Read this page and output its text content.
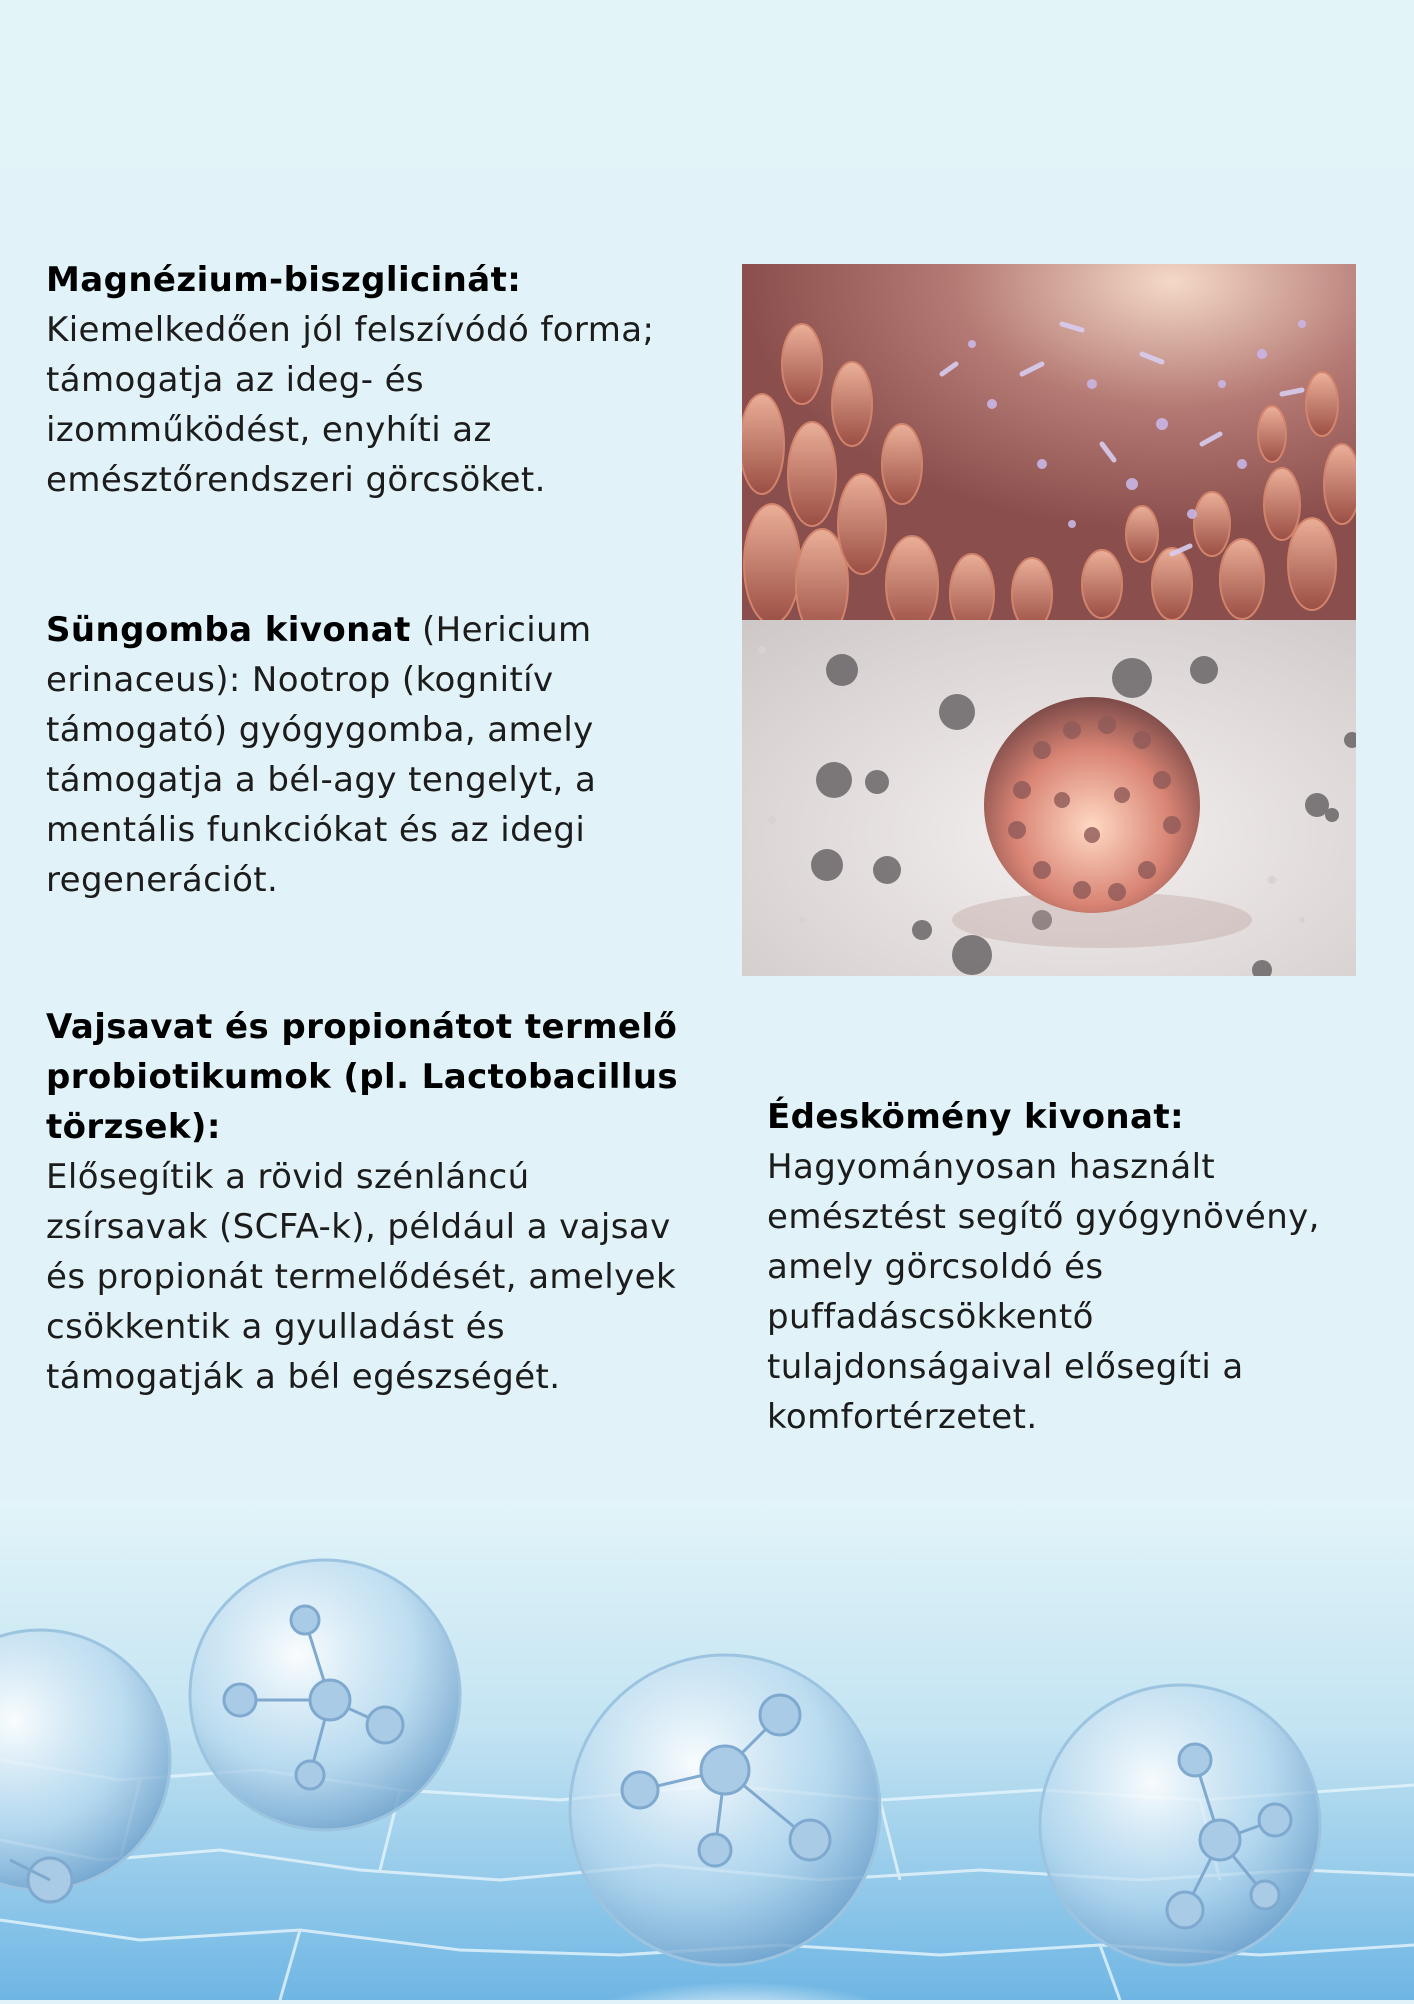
Magnézium-biszglicinát:
Kiemelkedően jól felszívódó forma; támogatja az ideg- és izomműködést, enyhíti az emésztőrendszeri görcsöket.
Süngomba kivonat (Hericium erinaceus): Nootrop (kognitív támogató) gyógygomba, amely támogatja a bél-agy tengelyt, a mentális funkciókat és az idegi regenerációt.
Vajsavat és propionátot termelő probiotikumok (pl. Lactobacillus törzsek):
Elősegítik a rövid szénláncú zsírsavak (SCFA-k), például a vajsav és propionát termelődését, amelyek csökkentik a gyulladást és támogatják a bél egészségét.
Édeskömény kivonat:
Hagyományosan használt emésztést segítő gyógynövény, amely görcsoldó és puffadáscsökkentő tulajdonságaival elősegíti a komfortérzetet.
